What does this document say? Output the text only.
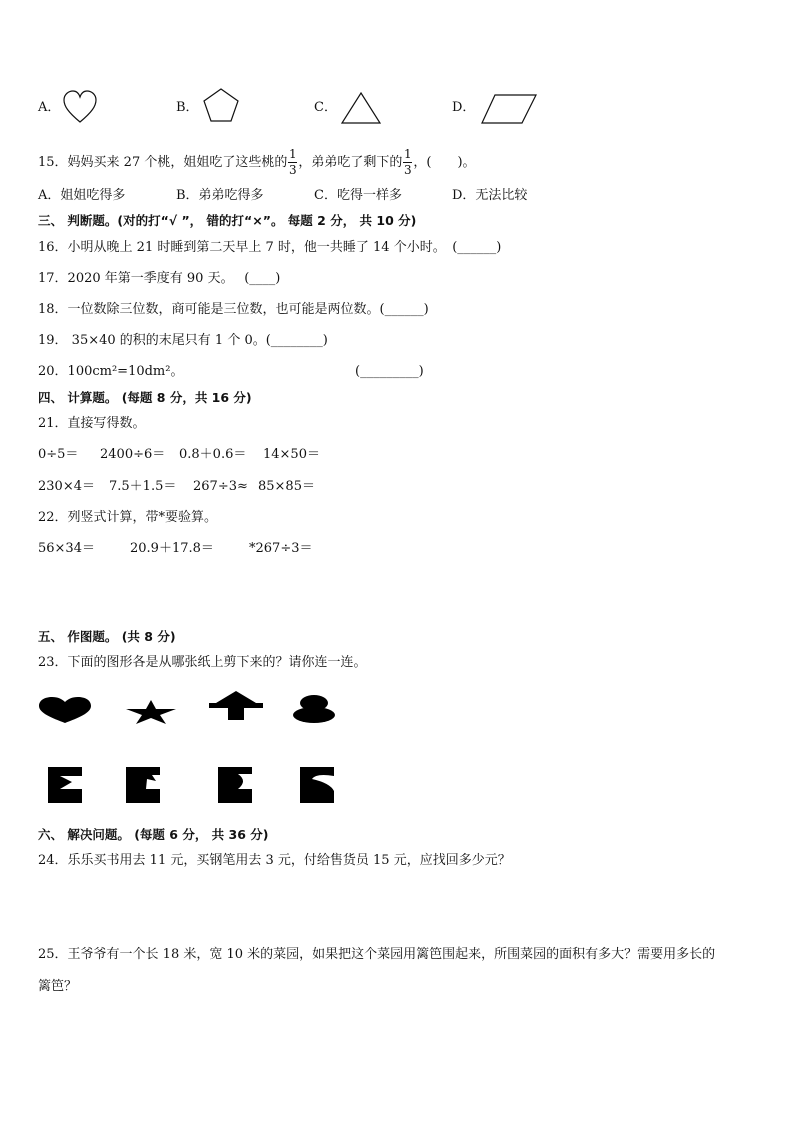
A．	B．	C．	D．
15．妈妈买来 27 个桃，姐姐吃了这些桃的 $\frac{1}{3}$ ，弟弟吃了剩下的 $\frac{1}{3}$ ，(　　)。
A．姐姐吃得多	B．弟弟吃得多	C．吃得一样多	D．无法比较
三、 判断题。(对的打“√ ”， 错的打“×”。 每题 2 分， 共 10 分)
16．小明从晚上 21 时睡到第二天早上 7 时，他一共睡了 14 个小时。　(______)
17．2020 年第一季度有 90 天。　 (____)
18．一位数除三位数，商可能是三位数，也可能是两位数。(______)
19． 35×40 的积的末尾只有 1 个 0。(________)
20．100cm²=10dm²。	(_________)
四、 计算题。 (每题 8 分，共 16 分)
21．直接写得数。
0÷5＝ 2400÷6＝ 0.8＋0.6＝ 14×50＝
230×4＝ 7.5＋1.5＝ 267÷3≈ 85×85＝
22．列竖式计算，带*要验算。
56×34＝	20.9＋17.8＝	*267÷3＝
五、 作图题。 (共 8 分)
23．下面的图形各是从哪张纸上剪下来的？请你连一连。
六、 解决问题。 (每题 6 分， 共 36 分)
24．乐乐买书用去 11 元，买钢笔用去 3 元，付给售货员 15 元，应找回多少元？
25．王爷爷有一个长 18 米，宽 10 米的菜园，如果把这个菜园用篱笆围起来，所围菜园的面积有多大？需要用多长的
篱笆？
